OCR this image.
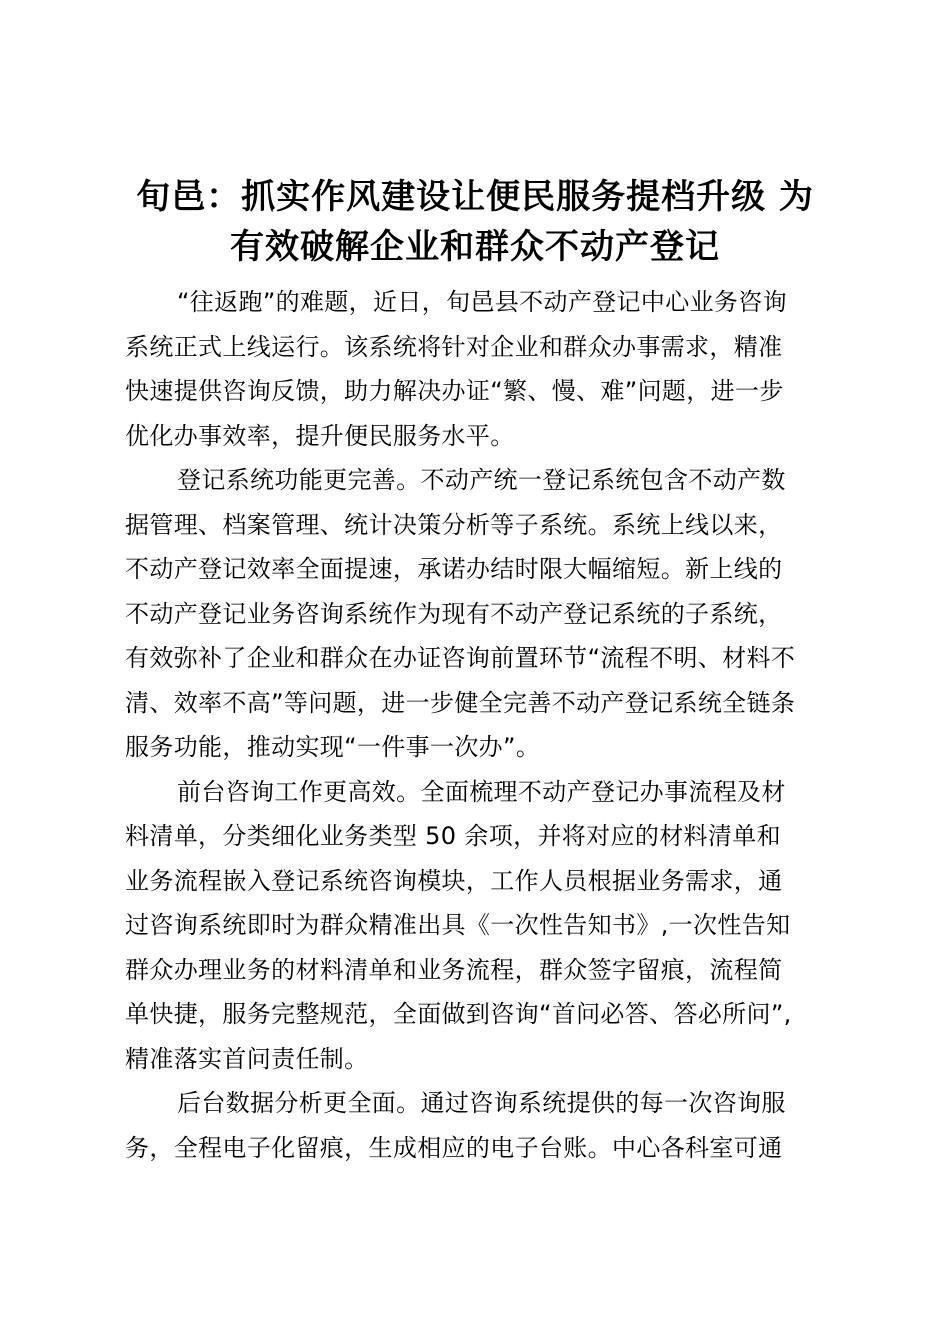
旬邑：抓实作风建设让便民服务提档升级 为
有效破解企业和群众不动产登记
“往返跑”的难题，近日，旬邑县不动产登记中心业务咨询
系统正式上线运行。该系统将针对企业和群众办事需求，精准
快速提供咨询反馈，助力解决办证“繁、慢、难”问题，进一步
优化办事效率，提升便民服务水平。
登记系统功能更完善。不动产统一登记系统包含不动产数
据管理、档案管理、统计决策分析等子系统。系统上线以来，
不动产登记效率全面提速，承诺办结时限大幅缩短。新上线的
不动产登记业务咨询系统作为现有不动产登记系统的子系统，
有效弥补了企业和群众在办证咨询前置环节“流程不明、材料不
清、效率不高”等问题，进一步健全完善不动产登记系统全链条
服务功能，推动实现“一件事一次办”。
前台咨询工作更高效。全面梳理不动产登记办事流程及材
料清单，分类细化业务类型 50 余项，并将对应的材料清单和
业务流程嵌入登记系统咨询模块，工作人员根据业务需求，通
过咨询系统即时为群众精准出具《一次性告知书》,一次性告知
群众办理业务的材料清单和业务流程，群众签字留痕，流程简
单快捷，服务完整规范，全面做到咨询“首问必答、答必所问”,
精准落实首问责任制。
后台数据分析更全面。通过咨询系统提供的每一次咨询服
务，全程电子化留痕，生成相应的电子台账。中心各科室可通
